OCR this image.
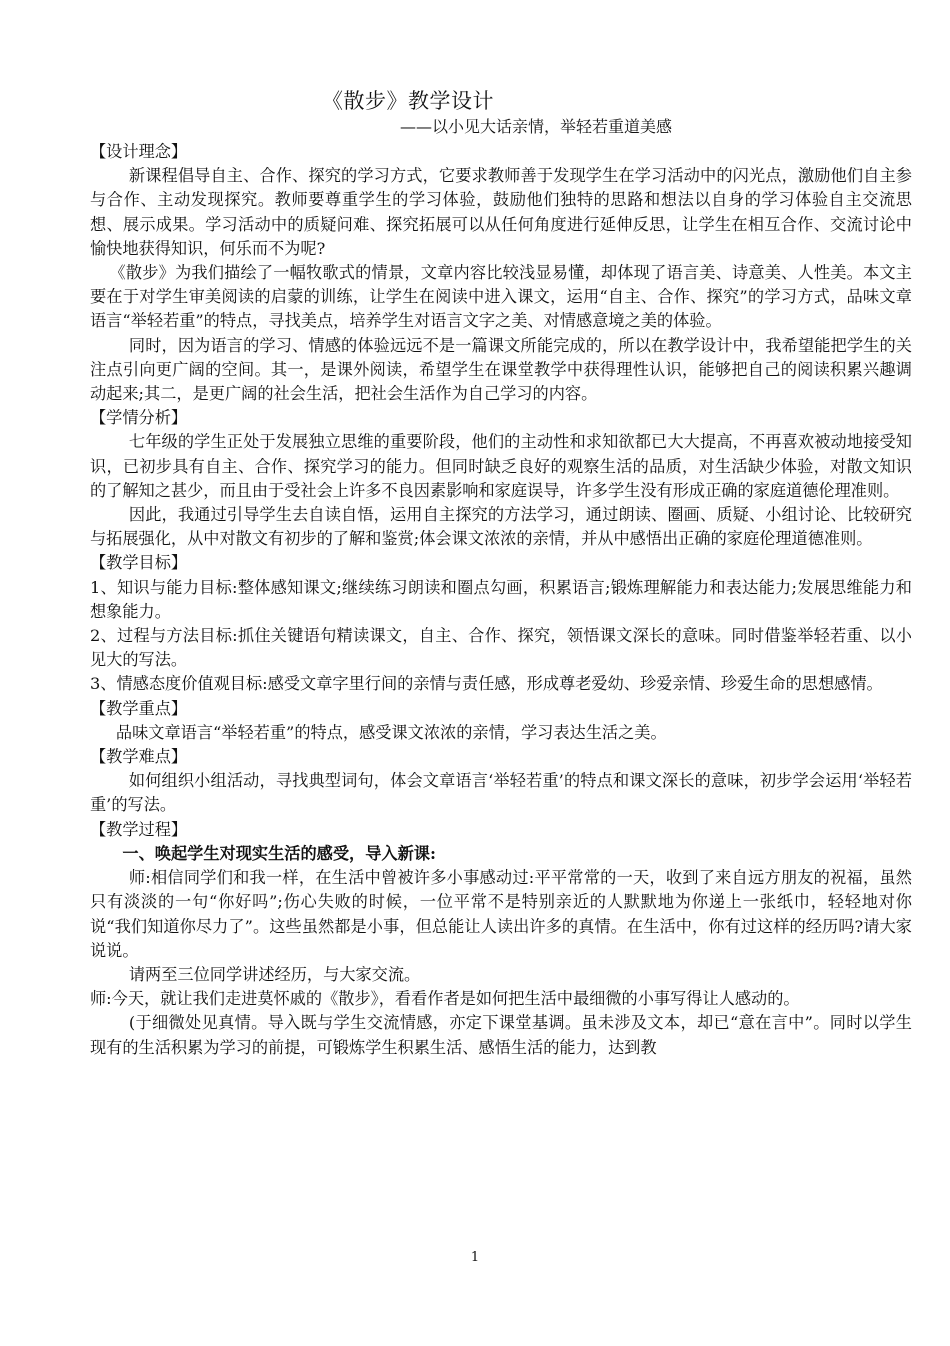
《散步》教学设计
——以小见大话亲情，举轻若重道美感

【设计理念】

新课程倡导自主、合作、探究的学习方式，它要求教师善于发现学生在学习活动中的闪光点，激励他们自主参与合作、主动发现探究。教师要尊重学生的学习体验，鼓励他们独特的思路和想法以自身的学习体验自主交流思想、展示成果。学习活动中的质疑问难、探究拓展可以从任何角度进行延伸反思，让学生在相互合作、交流讨论中愉快地获得知识，何乐而不为呢?

《散步》为我们描绘了一幅牧歌式的情景，文章内容比较浅显易懂，却体现了语言美、诗意美、人性美。本文主要在于对学生审美阅读的启蒙的训练，让学生在阅读中进入课文，运用“自主、合作、探究”的学习方式，品味文章语言“举轻若重”的特点，寻找美点，培养学生对语言文字之美、对情感意境之美的体验。

同时，因为语言的学习、情感的体验远远不是一篇课文所能完成的，所以在教学设计中，我希望能把学生的关注点引向更广阔的空间。其一，是课外阅读，希望学生在课堂教学中获得理性认识，能够把自己的阅读积累兴趣调动起来;其二，是更广阔的社会生活，把社会生活作为自己学习的内容。

【学情分析】

七年级的学生正处于发展独立思维的重要阶段，他们的主动性和求知欲都已大大提高，不再喜欢被动地接受知识，已初步具有自主、合作、探究学习的能力。但同时缺乏良好的观察生活的品质，对生活缺少体验，对散文知识的了解知之甚少，而且由于受社会上许多不良因素影响和家庭误导，许多学生没有形成正确的家庭道德伦理准则。

因此，我通过引导学生去自读自悟，运用自主探究的方法学习，通过朗读、圈画、质疑、小组讨论、比较研究与拓展强化，从中对散文有初步的了解和鉴赏;体会课文浓浓的亲情，并从中感悟出正确的家庭伦理道德准则。

【教学目标】

1、知识与能力目标:整体感知课文;继续练习朗读和圈点勾画，积累语言;锻炼理解能力和表达能力;发展思维能力和想象能力。

2、过程与方法目标:抓住关键语句精读课文，自主、合作、探究，领悟课文深长的意味。同时借鉴举轻若重、以小见大的写法。

3、情感态度价值观目标:感受文章字里行间的亲情与责任感，形成尊老爱幼、珍爱亲情、珍爱生命的思想感情。

【教学重点】

品味文章语言“举轻若重”的特点，感受课文浓浓的亲情，学习表达生活之美。

【教学难点】

如何组织小组活动，寻找典型词句，体会文章语言‘举轻若重’的特点和课文深长的意味，初步学会运用‘举轻若重’的写法。

【教学过程】

一、唤起学生对现实生活的感受，导入新课:

师:相信同学们和我一样，在生活中曾被许多小事感动过:平平常常的一天，收到了来自远方朋友的祝福，虽然只有淡淡的一句“你好吗”;伤心失败的时候，一位平常不是特别亲近的人默默地为你递上一张纸巾，轻轻地对你说“我们知道你尽力了”。这些虽然都是小事，但总能让人读出许多的真情。在生活中，你有过这样的经历吗?请大家说说。

请两至三位同学讲述经历，与大家交流。

师:今天，就让我们走进莫怀戚的《散步》，看看作者是如何把生活中最细微的小事写得让人感动的。

(于细微处见真情。导入既与学生交流情感，亦定下课堂基调。虽未涉及文本，却已“意在言中”。同时以学生现有的生活积累为学习的前提，可锻炼学生积累生活、感悟生活的能力，达到教

1
